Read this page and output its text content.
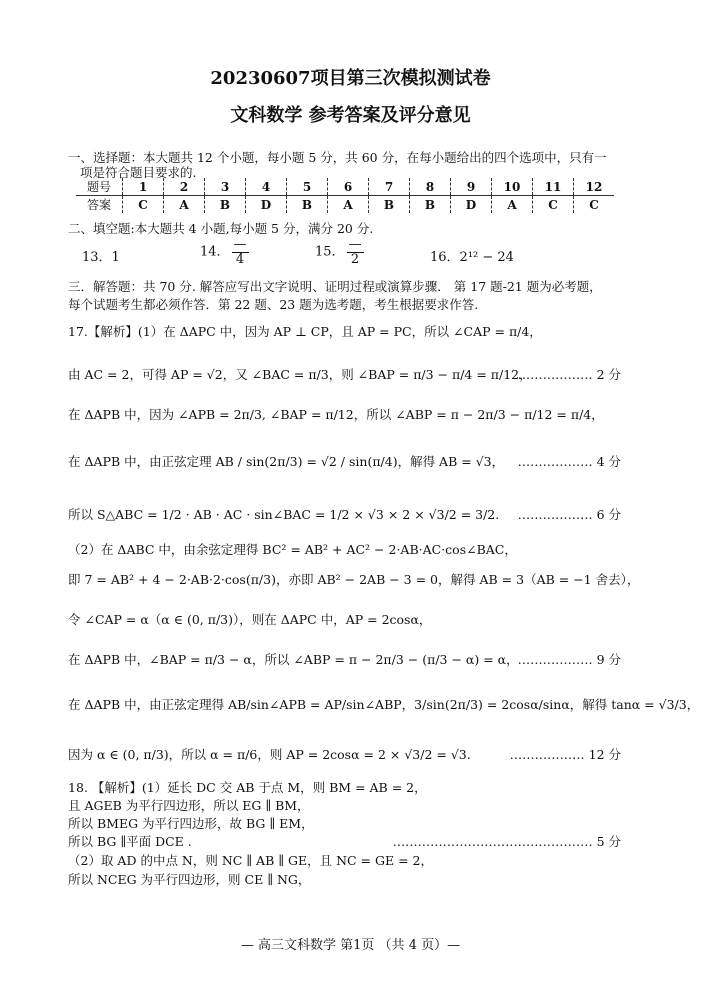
20230607项目第三次模拟测试卷
文科数学 参考答案及评分意见
一、选择题：本大题共 12 个小题，每小题 5 分，共 60 分，在每小题给出的四个选项中，只有一
项是符合题目要求的.
题号	1	2	3	4	5	6	7	8	9	10	11	12
答案	C	A	B	D	B	A	B	B	D	A	C	C
二、填空题:本大题共 4 小题,每小题 5 分，满分 20 分.
13．1	14． $\frac{—}{4}$	15． $\frac{—}{2}$	16．2¹² − 24
三．解答题：共 70 分. 解答应写出文字说明、证明过程或演算步骤． 第 17 题-21 题为必考题，
每个试题考生都必须作答．第 22 题、23 题为选考题，考生根据要求作答.
17.【解析】(1）在 ΔAPC 中，因为 AP ⊥ CP，且 AP = PC，所以 ∠CAP = π/4，
由 AC = 2，可得 AP = √2，又 ∠BAC = π/3，则 ∠BAP = π/3 − π/4 = π/12，
……………… 2 分
在 ΔAPB 中，因为 ∠APB = 2π/3, ∠BAP = π/12，所以 ∠ABP = π − 2π/3 − π/12 = π/4，
在 ΔAPB 中，由正弦定理 AB / sin(2π/3) = √2 / sin(π/4)，解得 AB = √3， ……………… 4 分
所以 S△ABC = 1/2 · AB · AC · sin∠BAC = 1/2 × √3 × 2 × √3/2 = 3/2. ……………… 6 分
（2）在 ΔABC 中，由余弦定理得 BC² = AB² + AC² − 2·AB·AC·cos∠BAC，
即 7 = AB² + 4 − 2·AB·2·cos(π/3)，亦即 AB² − 2AB − 3 = 0，解得 AB = 3（AB = −1 舍去），
令 ∠CAP = α（α ∈ (0, π/3)），则在 ΔAPC 中，AP = 2cosα，
在 ΔAPB 中，∠BAP = π/3 − α，所以 ∠ABP = π − 2π/3 − (π/3 − α) = α， ……………… 9 分
在 ΔAPB 中，由正弦定理得 AB/sin∠APB = AP/sin∠ABP，3/sin(2π/3) = 2cosα/sinα，解得 tanα = √3/3，
因为 α ∈ (0, π/3)，所以 α = π/6，则 AP = 2cosα = 2 × √3/2 = √3.	……………… 12 分
18. 【解析】(1）延长 DC 交 AB 于点 M，则 BM = AB = 2，
且 AGEB 为平行四边形，所以 EG ∥ BM，
所以 BMEG 为平行四边形，故 BG ∥ EM，
所以 BG ∥平面 DCE .	………………………………………… 5 分
（2）取 AD 的中点 N，则 NC ∥ AB ∥ GE，且 NC = GE = 2，
所以 NCEG 为平行四边形，则 CE ∥ NG，
— 高三文科数学 第1页 （共 4 页）—
